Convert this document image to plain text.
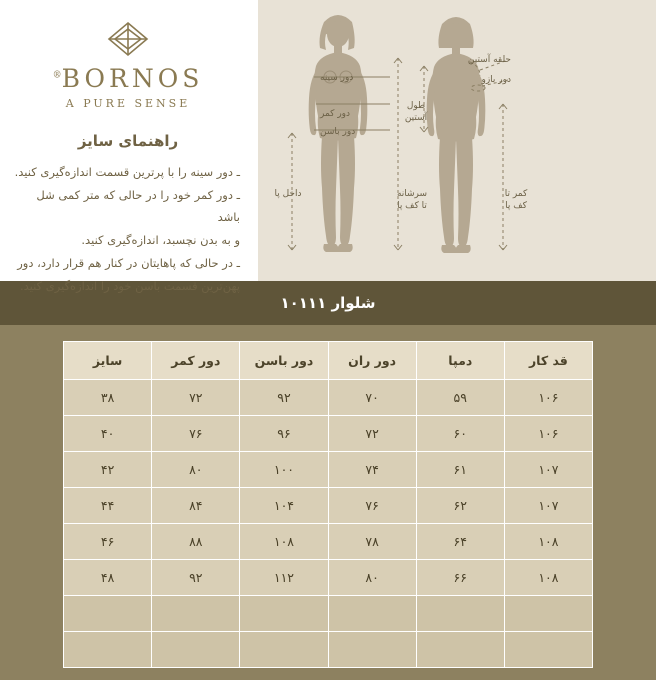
BORNOS®
A PURE SENSE
راهنمای سایز

ـ دور سینه را با پرترین قسمت اندازه‌گیری کنید.

ـ دور کمر خود را در حالی که متر کمی شل باشد

و به بدن نچسبد، اندازه‌گیری کنید.

ـ در حالی که پاهایتان در کنار هم قرار دارد، دور

پهن‌ترین قسمت باسن خود را اندازه‌گیری کنید.

دور سینه
دور کمر
دور باسن
داخل پا	سرشانه
تا کف پا
کمر تا
کف پا
طول
آستین
حلقه آستین
دور بازو
شلوار ۱۰۱۱۱
قد کار	دمپا	دور ران	دور باسن	دور کمر	سایز
۱۰۶	۵۹	۷۰	۹۲	۷۲	۳۸
۱۰۶	۶۰	۷۲	۹۶	۷۶	۴۰
۱۰۷	۶۱	۷۴	۱۰۰	۸۰	۴۲
۱۰۷	۶۲	۷۶	۱۰۴	۸۴	۴۴
۱۰۸	۶۴	۷۸	۱۰۸	۸۸	۴۶
۱۰۸	۶۶	۸۰	۱۱۲	۹۲	۴۸

ـ در نظر داشته باشید، محدوده ی خطای اندازه گیری بین ۱ تا ۲ سانتی متر نرمال است.
